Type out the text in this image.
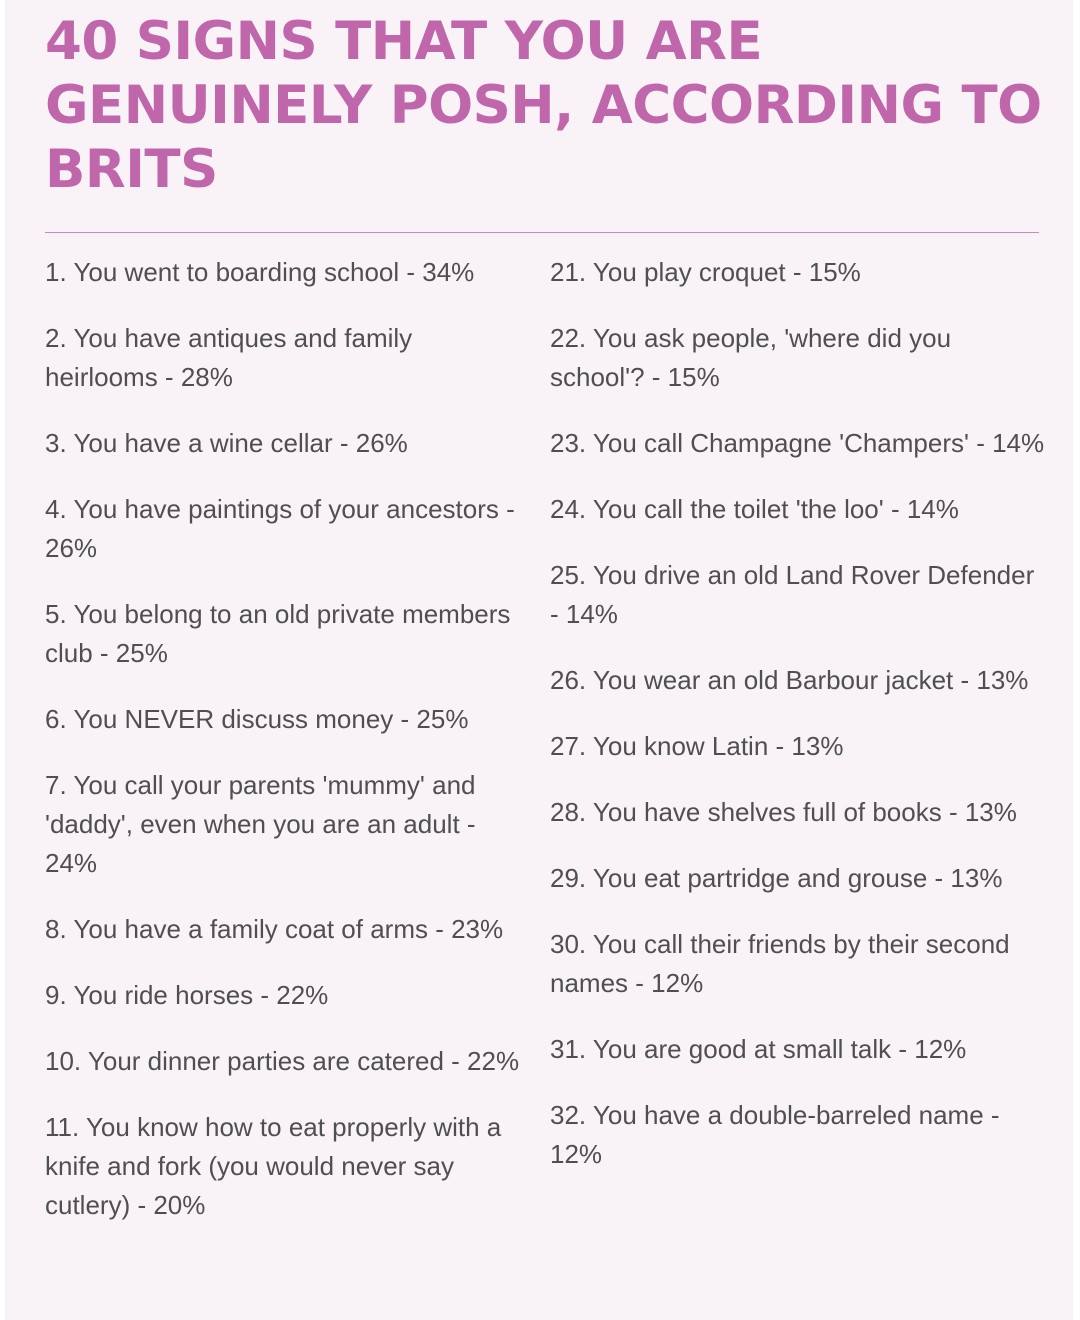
40 SIGNS THAT YOU ARE GENUINELY POSH, ACCORDING TO BRITS
1. You went to boarding school - 34%
2. You have antiques and family heirlooms - 28%
3. You have a wine cellar - 26%
4. You have paintings of your ancestors - 26%
5. You belong to an old private members club - 25%
6. You NEVER discuss money - 25%
7. You call your parents 'mummy' and 'daddy', even when you are an adult - 24%
8. You have a family coat of arms - 23%
9. You ride horses - 22%
10. Your dinner parties are catered - 22%
11. You know how to eat properly with a knife and fork (you would never say cutlery) - 20%
21. You play croquet - 15%
22. You ask people, 'where did you school'? - 15%
23. You call Champagne 'Champers' - 14%
24. You call the toilet 'the loo' - 14%
25. You drive an old Land Rover Defender - 14%
26. You wear an old Barbour jacket - 13%
27. You know Latin - 13%
28. You have shelves full of books - 13%
29. You eat partridge and grouse - 13%
30. You call their friends by their second names - 12%
31. You are good at small talk - 12%
32. You have a double-barreled name - 12%
